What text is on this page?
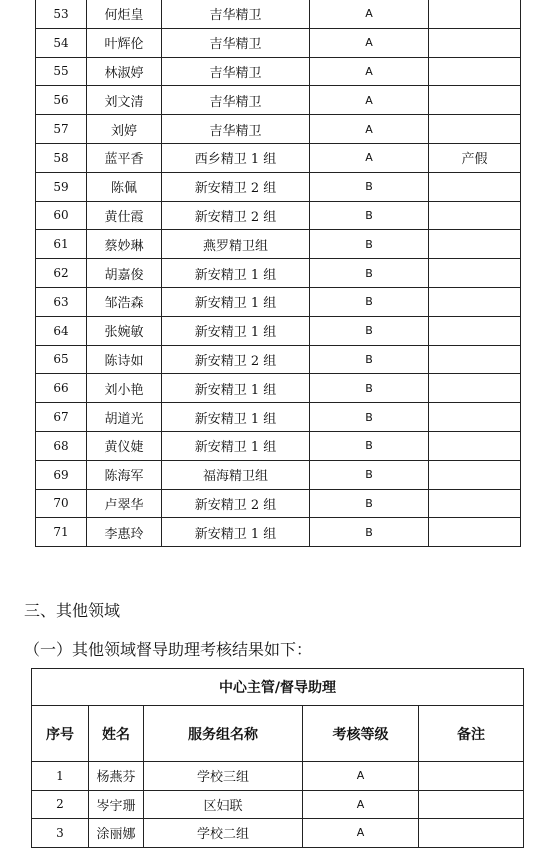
53	何炬皇	吉华精卫	A	
54	叶辉伦	吉华精卫	A	
55	林淑婷	吉华精卫	A	
56	刘文清	吉华精卫	A	
57	刘婷	吉华精卫	A	
58	蓝平香	西乡精卫 1 组	A	产假
59	陈佩	新安精卫 2 组	B	
60	黄仕霞	新安精卫 2 组	B	
61	蔡妙琳	燕罗精卫组	B	
62	胡嘉俊	新安精卫 1 组	B	
63	邹浩森	新安精卫 1 组	B	
64	张婉敏	新安精卫 1 组	B	
65	陈诗如	新安精卫 2 组	B	
66	刘小艳	新安精卫 1 组	B	
67	胡道光	新安精卫 1 组	B	
68	黄仪婕	新安精卫 1 组	B	
69	陈海军	福海精卫组	B	
70	卢翠华	新安精卫 2 组	B	
71	李惠玲	新安精卫 1 组	B	
三、其他领域
（一）其他领域督导助理考核结果如下：
中心主管/督导助理				
序号	姓名	服务组名称	考核等级	备注
1	杨燕芬	学校三组	A	
2	岑宇珊	区妇联	A	
3	涂丽娜	学校二组	A	
